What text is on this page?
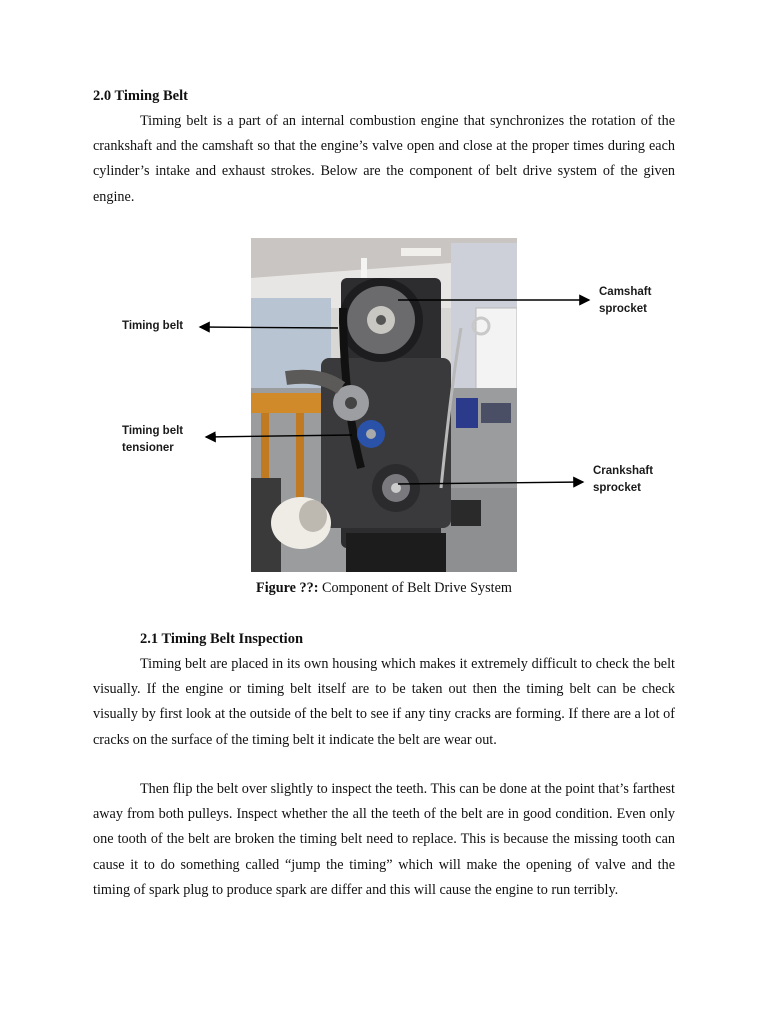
2.0 Timing Belt
Timing belt is a part of an internal combustion engine that synchronizes the rotation of the crankshaft and the camshaft so that the engine’s valve open and close at the proper times during each cylinder’s intake and exhaust strokes. Below are the component of belt drive system of the given engine.
Camshaft
sprocket
Timing belt
Timing belt
tensioner
Crankshaft
sprocket
Figure ??: Component of Belt Drive System
2.1 Timing Belt Inspection
Timing belt are placed in its own housing which makes it extremely difficult to check the belt visually. If the engine or timing belt itself are to be taken out then the timing belt can be check visually by first look at the outside of the belt to see if any tiny cracks are forming. If there are a lot of cracks on the surface of the timing belt it indicate the belt are wear out.
Then flip the belt over slightly to inspect the teeth. This can be done at the point that’s farthest away from both pulleys. Inspect whether the all the teeth of the belt are in good condition. Even only one tooth of the belt are broken the timing belt need to replace. This is because the missing tooth can cause it to do something called “jump the timing” which will make the opening of valve and the timing of spark plug to produce spark are differ and this will cause the engine to run terribly.
